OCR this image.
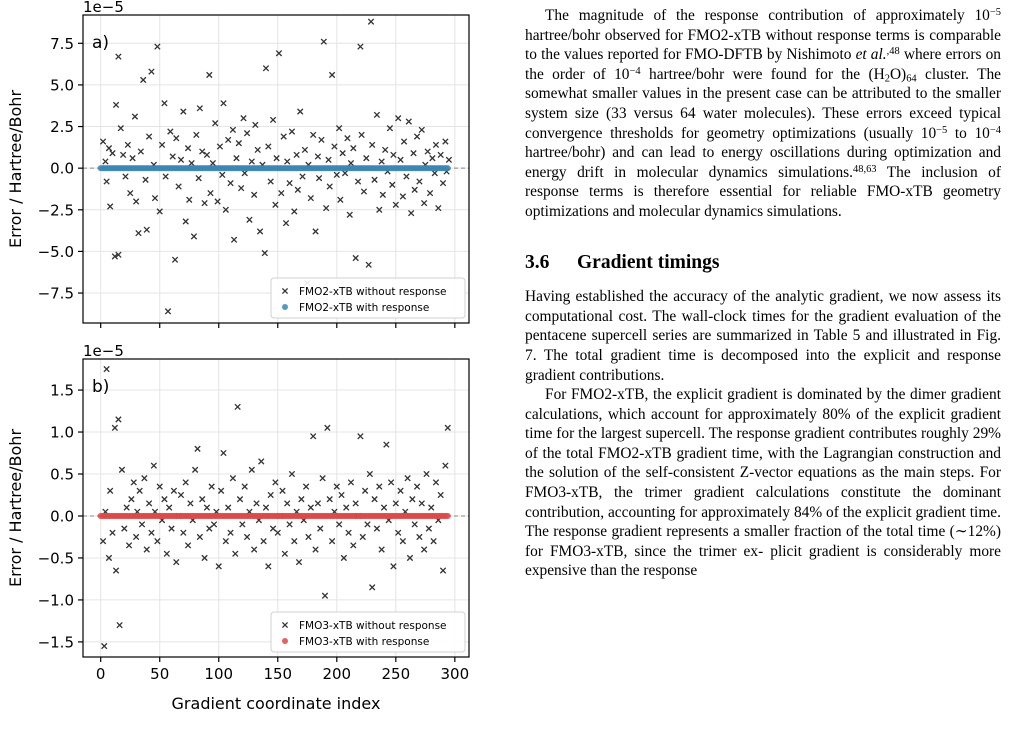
−7.5
−5.0
−2.5
0.0
2.5
5.0
7.5
1e−5
a)
Error / Hartree/Bohr
FMO2-xTB without response
FMO2-xTB with response
−1.5
−1.0
−0.5
0.0
0.5
1.0
1.5
0	50 100 150 200 250 300
1e−5
b)
Error / Hartree/Bohr
FMO3-xTB without response
FMO3-xTB with response
Gradient coordinate index

The magnitude of the response contribution of approximately $10^{-5}$ hartree/bohr observed for FMO2-xTB without response terms is comparable to the values reported for FMO-DFTB by Nishimoto et al.$^{,48}$ where errors on the order of $10^{-4}$ hartree/bohr were found for the $(H_2O)_{64}$ cluster. The somewhat smaller values in the present case can be attributed to the smaller system size (33 versus 64 water molecules). These errors exceed typical convergence thresholds for geometry optimizations (usually $10^{-5}$ to $10^{-4}$ hartree/bohr) and can lead to energy oscillations during optimization and energy drift in molecular dynamics simulations.$^{48,63}$ The inclusion of response terms is therefore essential for reliable FMO-xTB geometry optimizations and molecular dynamics simulations.

3.6 Gradient timings

Having established the accuracy of the analytic gradient, we now assess its computational cost. The wall-clock times for the gradient evaluation of the pentacene supercell series are summarized in Table 5 and illustrated in Fig. 7. The total gradient time is decomposed into the explicit and response gradient contributions.

For FMO2-xTB, the explicit gradient is dominated by the dimer gradient calculations, which account for approximately 80% of the explicit gradient time for the largest supercell. The response gradient contributes roughly 29% of the total FMO2-xTB gradient time, with the Lagrangian construction and the solution of the self-consistent Z-vector equations as the main steps. For FMO3-xTB, the trimer gradient calculations constitute the dominant contribution, accounting for approximately 84% of the explicit gradient time. The response gradient represents a smaller fraction of the total time (∼12%) for FMO3-xTB, since the trimer ex- plicit gradient is considerably more expensive than the response
